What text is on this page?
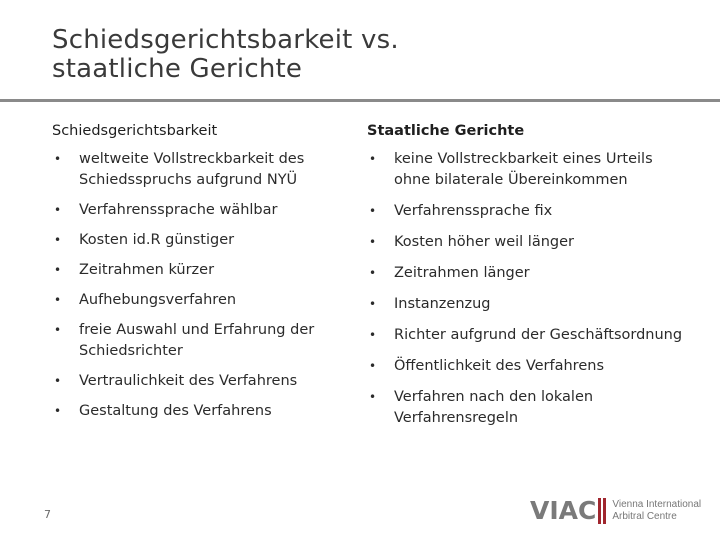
Schiedsgerichtsbarkeit vs.
staatliche Gerichte
Schiedsgerichtsbarkeit
• weltweite Vollstreckbarkeit des Schiedsspruchs aufgrund NYÜ
• Verfahrenssprache wählbar
• Kosten id.R günstiger
• Zeitrahmen kürzer
• Aufhebungsverfahren
• freie Auswahl und Erfahrung der Schiedsrichter
• Vertraulichkeit des Verfahrens
• Gestaltung des Verfahrens
Staatliche Gerichte
• keine Vollstreckbarkeit eines Urteils ohne bilaterale Übereinkommen
• Verfahrenssprache fix
• Kosten höher weil länger
• Zeitrahmen länger
• Instanzenzug
• Richter aufgrund der Geschäftsordnung
• Öffentlichkeit des Verfahrens
• Verfahren nach den lokalen Verfahrensregeln
7	VIAC Vienna International
Arbitral Centre
